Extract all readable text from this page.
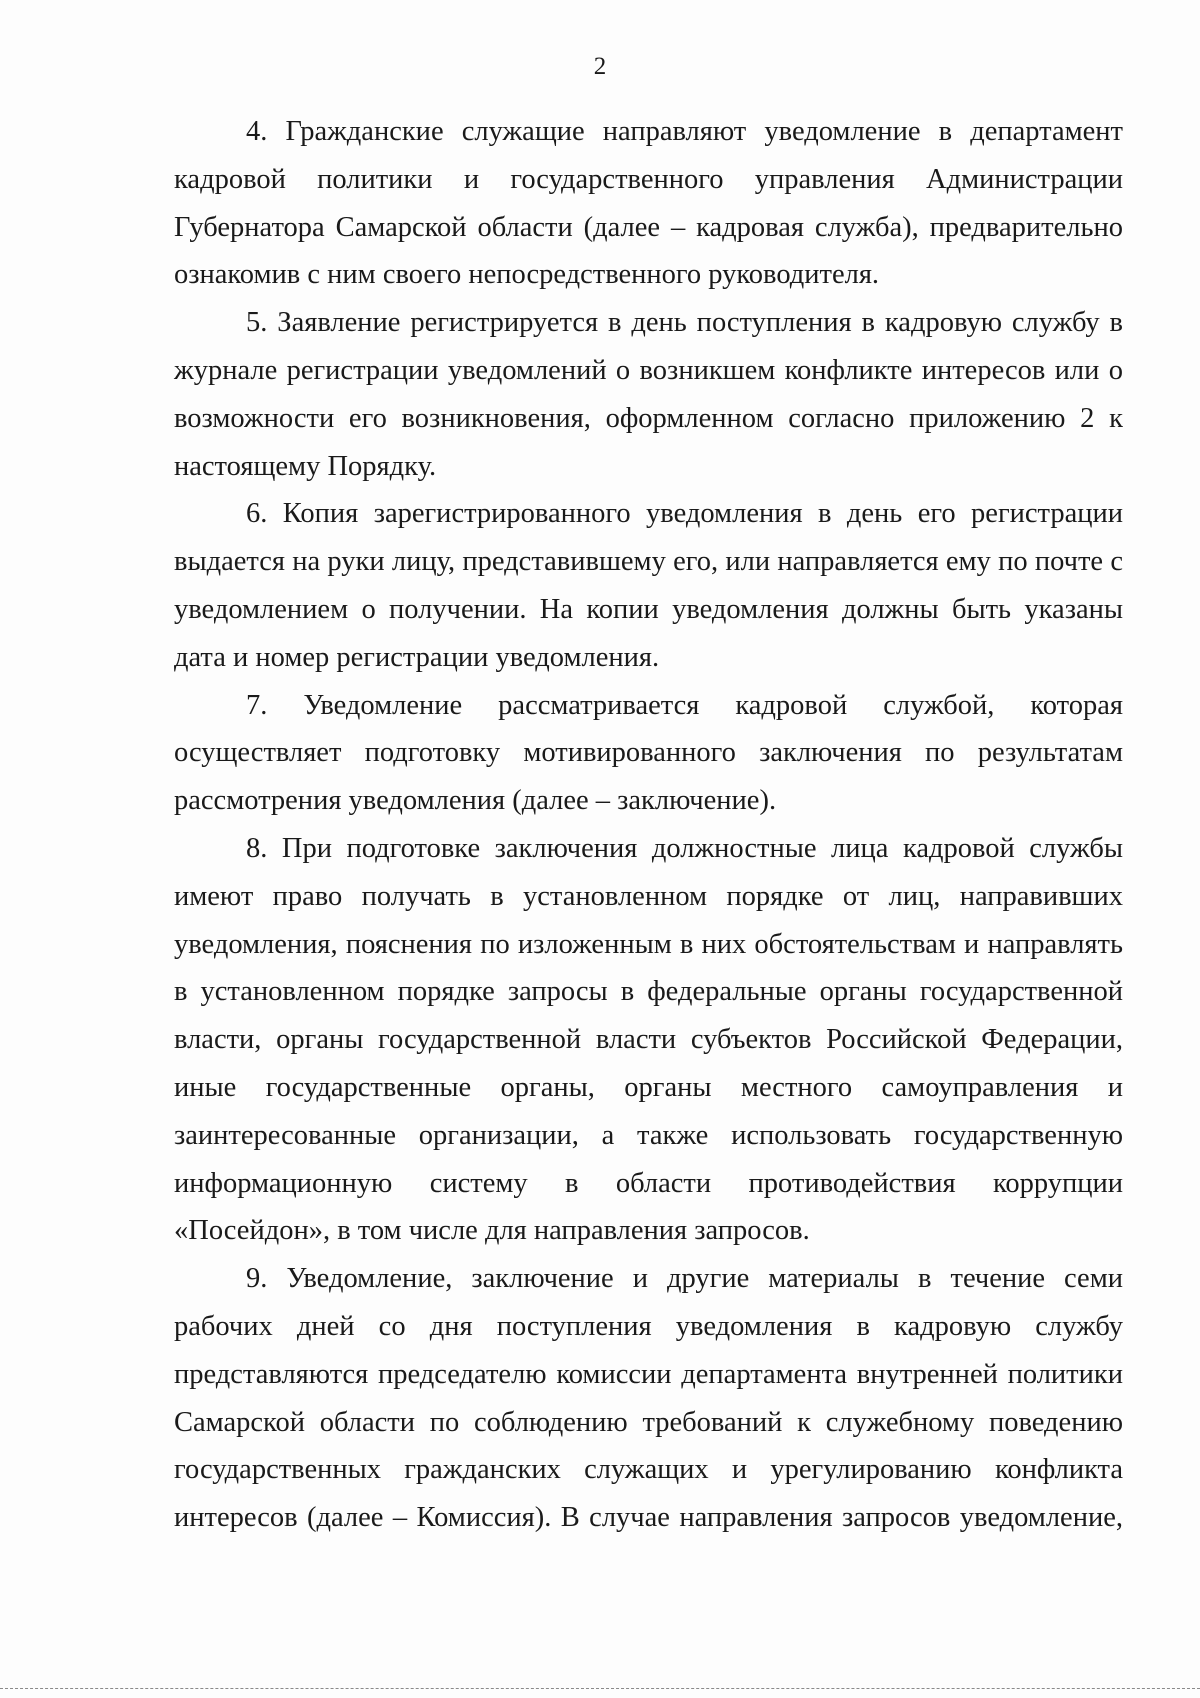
2

4. Гражданские служащие направляют уведомление в департамент кадровой политики и государственного управления Администрации Губернатора Самарской области (далее – кадровая служба), предварительно ознакомив с ним своего непосредственного руководителя.

5. Заявление регистрируется в день поступления в кадровую службу в журнале регистрации уведомлений о возникшем конфликте интересов или о возможности его возникновения, оформленном согласно приложению 2 к настоящему Порядку.

6. Копия зарегистрированного уведомления в день его регистрации выдается на руки лицу, представившему его, или направляется ему по почте с уведомлением о получении. На копии уведомления должны быть указаны дата и номер регистрации уведомления.

7. Уведомление рассматривается кадровой службой, которая осуществляет подготовку мотивированного заключения по результатам рассмотрения уведомления (далее – заключение).

8. При подготовке заключения должностные лица кадровой службы имеют право получать в установленном порядке от лиц, направивших уведомления, пояснения по изложенным в них обстоятельствам и направлять в установленном порядке запросы в федеральные органы государственной власти, органы государственной власти субъектов Российской Федерации, иные государственные органы, органы местного самоуправления и заинтересованные организации, а также использовать государственную информационную систему в области противодействия коррупции «Посейдон», в том числе для направления запросов.

9. Уведомление, заключение и другие материалы в течение семи рабочих дней со дня поступления уведомления в кадровую службу представляются председателю комиссии департамента внутренней политики Самарской области по соблюдению требований к служебному поведению государственных гражданских служащих и урегулированию конфликта интересов (далее – Комиссия). В случае направления запросов уведомление,
